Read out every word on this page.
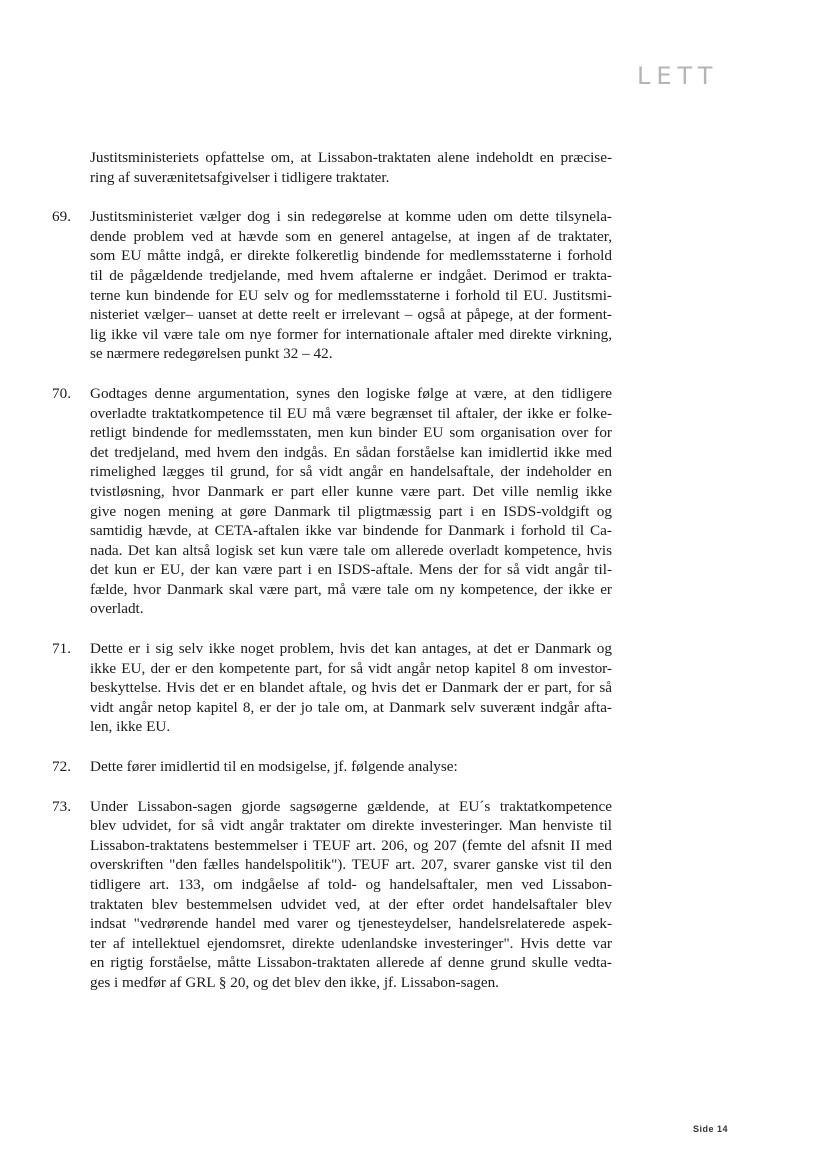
LETT
Justitsministeriets opfattelse om, at Lissabon-traktaten alene indeholdt en præcise-
ring af suverænitetsafgivelser i tidligere traktater.
69.	Justitsministeriet vælger dog i sin redegørelse at komme uden om dette tilsynela-
dende problem ved at hævde som en generel antagelse, at ingen af de traktater,
som EU måtte indgå, er direkte folkeretlig bindende for medlemsstaterne i forhold
til de pågældende tredjelande, med hvem aftalerne er indgået. Derimod er trakta-
terne kun bindende for EU selv og for medlemsstaterne i forhold til EU. Justitsmi-
nisteriet vælger– uanset at dette reelt er irrelevant – også at påpege, at der forment-
lig ikke vil være tale om nye former for internationale aftaler med direkte virkning,
se nærmere redegørelsen punkt 32 – 42.
70.	Godtages denne argumentation, synes den logiske følge at være, at den tidligere
overladte traktatkompetence til EU må være begrænset til aftaler, der ikke er folke-
retligt bindende for medlemsstaten, men kun binder EU som organisation over for
det tredjeland, med hvem den indgås. En sådan forståelse kan imidlertid ikke med
rimelighed lægges til grund, for så vidt angår en handelsaftale, der indeholder en
tvistløsning, hvor Danmark er part eller kunne være part. Det ville nemlig ikke
give nogen mening at gøre Danmark til pligtmæssig part i en ISDS-voldgift og
samtidig hævde, at CETA-aftalen ikke var bindende for Danmark i forhold til Ca-
nada. Det kan altså logisk set kun være tale om allerede overladt kompetence, hvis
det kun er EU, der kan være part i en ISDS-aftale. Mens der for så vidt angår til-
fælde, hvor Danmark skal være part, må være tale om ny kompetence, der ikke er
overladt.
71.	Dette er i sig selv ikke noget problem, hvis det kan antages, at det er Danmark og
ikke EU, der er den kompetente part, for så vidt angår netop kapitel 8 om investor-
beskyttelse. Hvis det er en blandet aftale, og hvis det er Danmark der er part, for så
vidt angår netop kapitel 8, er der jo tale om, at Danmark selv suverænt indgår afta-
len, ikke EU.
72.	Dette fører imidlertid til en modsigelse, jf. følgende analyse:
73.	Under Lissabon-sagen gjorde sagsøgerne gældende, at EU´s traktatkompetence
blev udvidet, for så vidt angår traktater om direkte investeringer. Man henviste til
Lissabon-traktatens bestemmelser i TEUF art. 206, og 207 (femte del afsnit II med
overskriften "den fælles handelspolitik"). TEUF art. 207, svarer ganske vist til den
tidligere art. 133, om indgåelse af told- og handelsaftaler, men ved Lissabon-
traktaten blev bestemmelsen udvidet ved, at der efter ordet handelsaftaler blev
indsat "vedrørende handel med varer og tjenesteydelser, handelsrelaterede aspek-
ter af intellektuel ejendomsret, direkte udenlandske investeringer". Hvis dette var
en rigtig forståelse, måtte Lissabon-traktaten allerede af denne grund skulle vedta-
ges i medfør af GRL § 20, og det blev den ikke, jf. Lissabon-sagen.
Side 14
